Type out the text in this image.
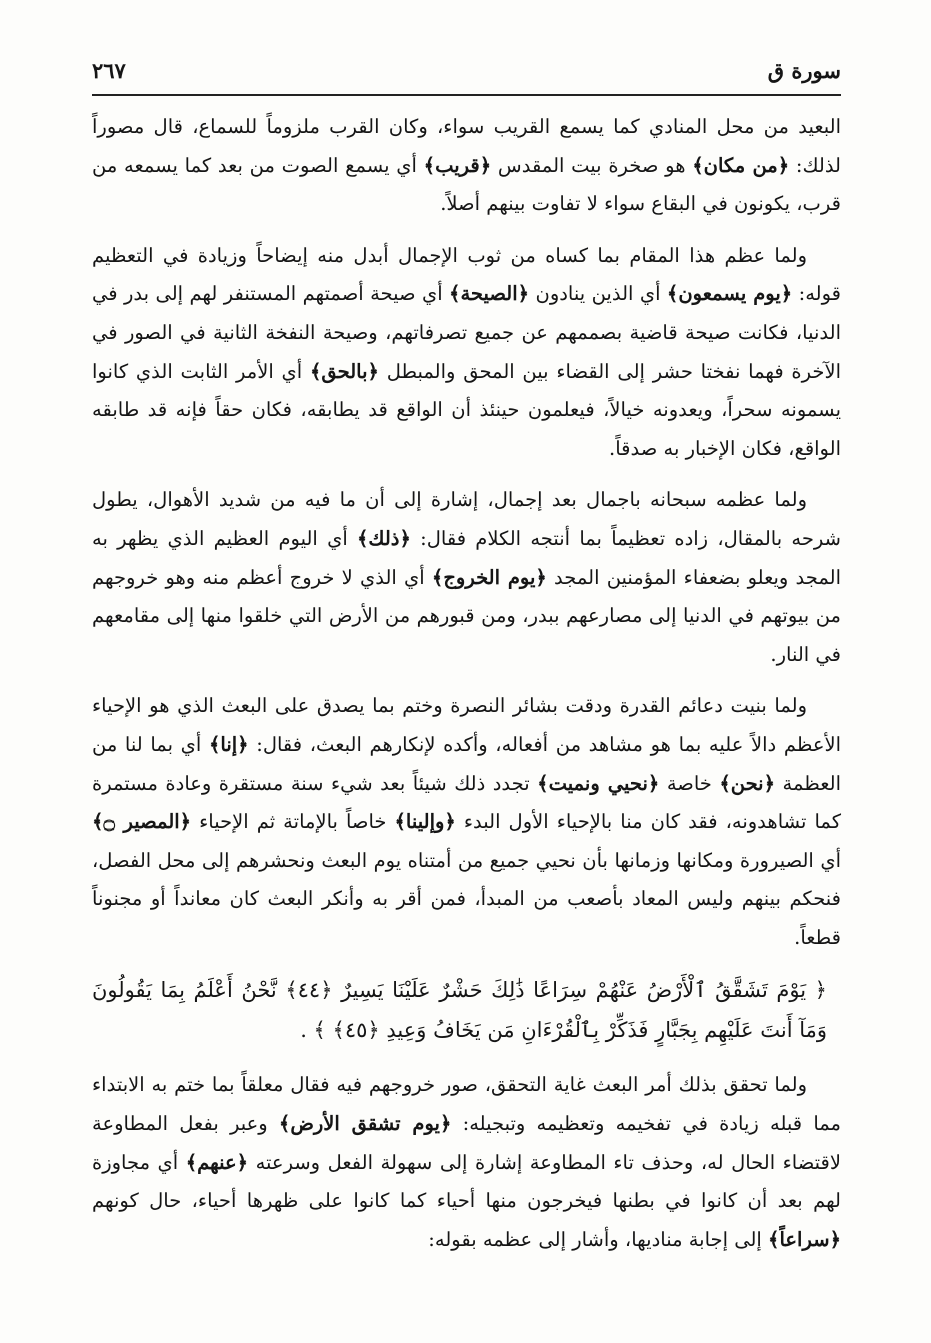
سورة ق
٢٦٧

البعيد من محل المنادي كما يسمع القريب سواء، وكان القرب ملزوماً للسماع، قال مصوراً لذلك: ﴿من مكان﴾ هو صخرة بيت المقدس ﴿قريب﴾ أي يسمع الصوت من بعد كما يسمعه من قرب، يكونون في البقاع سواء لا تفاوت بينهم أصلاً.

ولما عظم هذا المقام بما كساه من ثوب الإجمال أبدل منه إيضاحاً وزيادة في التعظيم قوله: ﴿يوم يسمعون﴾ أي الذين ينادون ﴿الصيحة﴾ أي صيحة أصمتهم المستنفر لهم إلى بدر في الدنيا، فكانت صيحة قاضية بصممهم عن جميع تصرفاتهم، وصيحة النفخة الثانية في الصور في الآخرة فهما نفختا حشر إلى القضاء بين المحق والمبطل ﴿بالحق﴾ أي الأمر الثابت الذي كانوا يسمونه سحراً، ويعدونه خيالاً، فيعلمون حينئذ أن الواقع قد يطابقه، فكان حقاً فإنه قد طابقه الواقع، فكان الإخبار به صدقاً.

ولما عظمه سبحانه باجمال بعد إجمال، إشارة إلى أن ما فيه من شديد الأهوال، يطول شرحه بالمقال، زاده تعظيماً بما أنتجه الكلام فقال: ﴿ذلك﴾ أي اليوم العظيم الذي يظهر به المجد ويعلو بضعفاء المؤمنين المجد ﴿يوم الخروج﴾ أي الذي لا خروج أعظم منه وهو خروجهم من بيوتهم في الدنيا إلى مصارعهم ببدر، ومن قبورهم من الأرض التي خلقوا منها إلى مقامعهم في النار.

ولما بنيت دعائم القدرة ودقت بشائر النصرة وختم بما يصدق على البعث الذي هو الإحياء الأعظم دالاً عليه بما هو مشاهد من أفعاله، وأكده لإنكارهم البعث، فقال: ﴿إنا﴾ أي بما لنا من العظمة ﴿نحن﴾ خاصة ﴿نحيي ونميت﴾ تجدد ذلك شيئاً بعد شيء سنة مستقرة وعادة مستمرة كما تشاهدونه، فقد كان منا بالإحياء الأول البدء ﴿وإلينا﴾ خاصاً بالإماتة ثم الإحياء ﴿المصير ۝﴾ أي الصيرورة ومكانها وزمانها بأن نحيي جميع من أمتناه يوم البعث ونحشرهم إلى محل الفصل، فنحكم بينهم وليس المعاد بأصعب من المبدأ، فمن أقر به وأنكر البعث كان معانداً أو مجنوناً قطعاً.

﴿ يَوْمَ تَشَقَّقُ ٱلْأَرْضُ عَنْهُمْ سِرَاعًا ذَٰلِكَ حَشْرٌ عَلَيْنَا يَسِيرٌ ﴿٤٤﴾ نَّحْنُ أَعْلَمُ بِمَا يَقُولُونَ وَمَآ أَنتَ عَلَيْهِم بِجَبَّارٍ فَذَكِّرْ بِٱلْقُرْءَانِ مَن يَخَافُ وَعِيدِ ﴿٤٥﴾ ﴾ .

ولما تحقق بذلك أمر البعث غاية التحقق، صور خروجهم فيه فقال معلقاً بما ختم به الابتداء مما قبله زيادة في تفخيمه وتعظيمه وتبجيله: ﴿يوم تشقق الأرض﴾ وعبر بفعل المطاوعة لاقتضاء الحال له، وحذف تاء المطاوعة إشارة إلى سهولة الفعل وسرعته ﴿عنهم﴾ أي مجاوزة لهم بعد أن كانوا في بطنها فيخرجون منها أحياء كما كانوا على ظهرها أحياء، حال كونهم ﴿سراعاً﴾ إلى إجابة مناديها، وأشار إلى عظمه بقوله:
